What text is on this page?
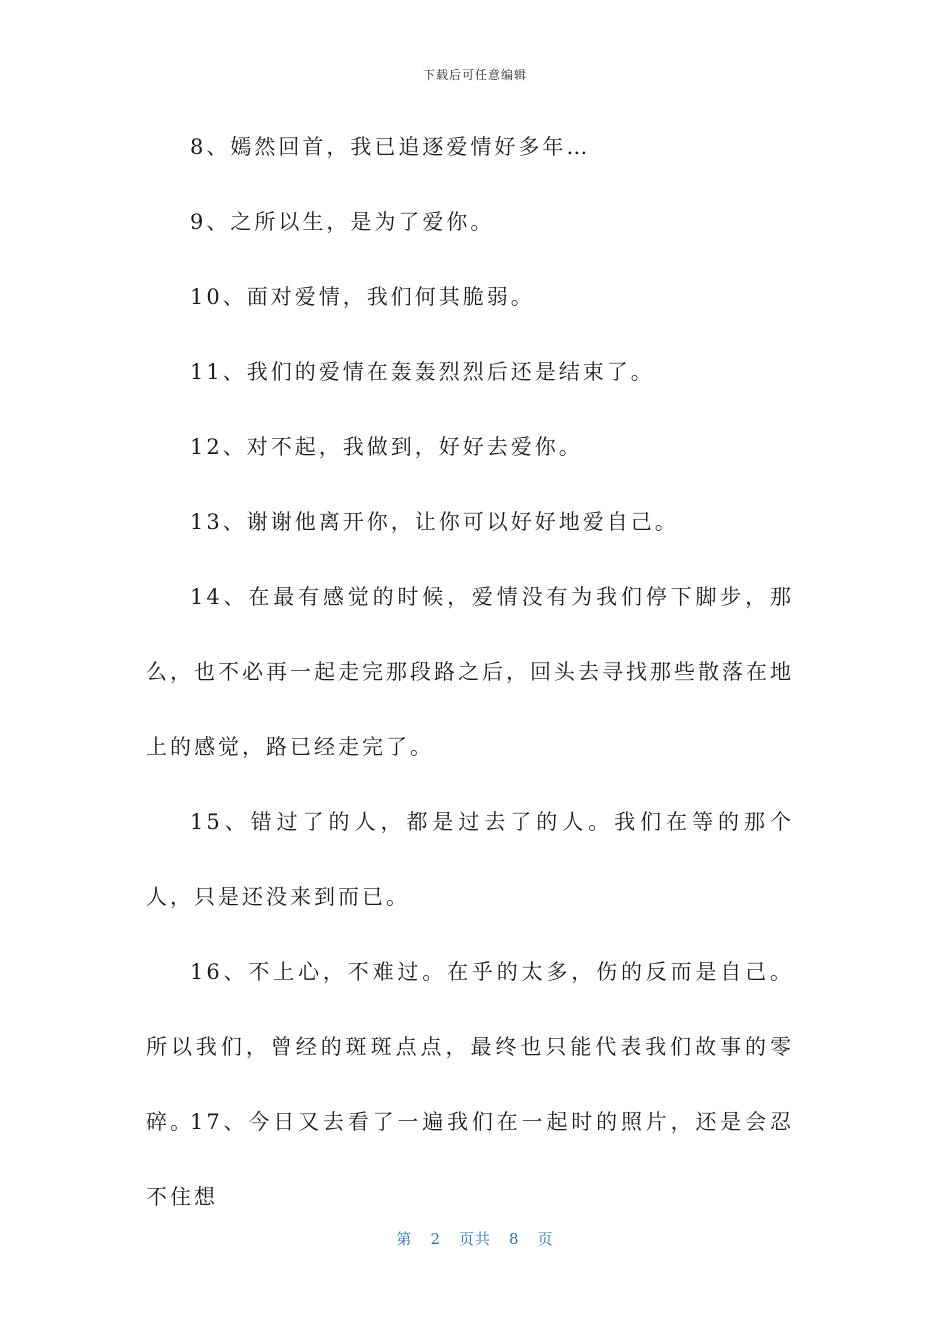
下载后可任意编辑

8、嫣然回首，我已追逐爱情好多年…

9、之所以生，是为了爱你。

10、面对爱情，我们何其脆弱。

11、我们的爱情在轰轰烈烈后还是结束了。

12、对不起，我做到，好好去爱你。

13、谢谢他离开你，让你可以好好地爱自己。

14、在最有感觉的时候，爱情没有为我们停下脚步，那么，也不必再一起走完那段路之后，回头去寻找那些散落在地上的感觉，路已经走完了。

15、错过了的人，都是过去了的人。我们在等的那个人，只是还没来到而已。

16、不上心，不难过。在乎的太多，伤的反而是自己。所以我们，曾经的斑斑点点，最终也只能代表我们故事的零碎。

17、今日又去看了一遍我们在一起时的照片，还是会忍不住想

第 2 页共 8 页
